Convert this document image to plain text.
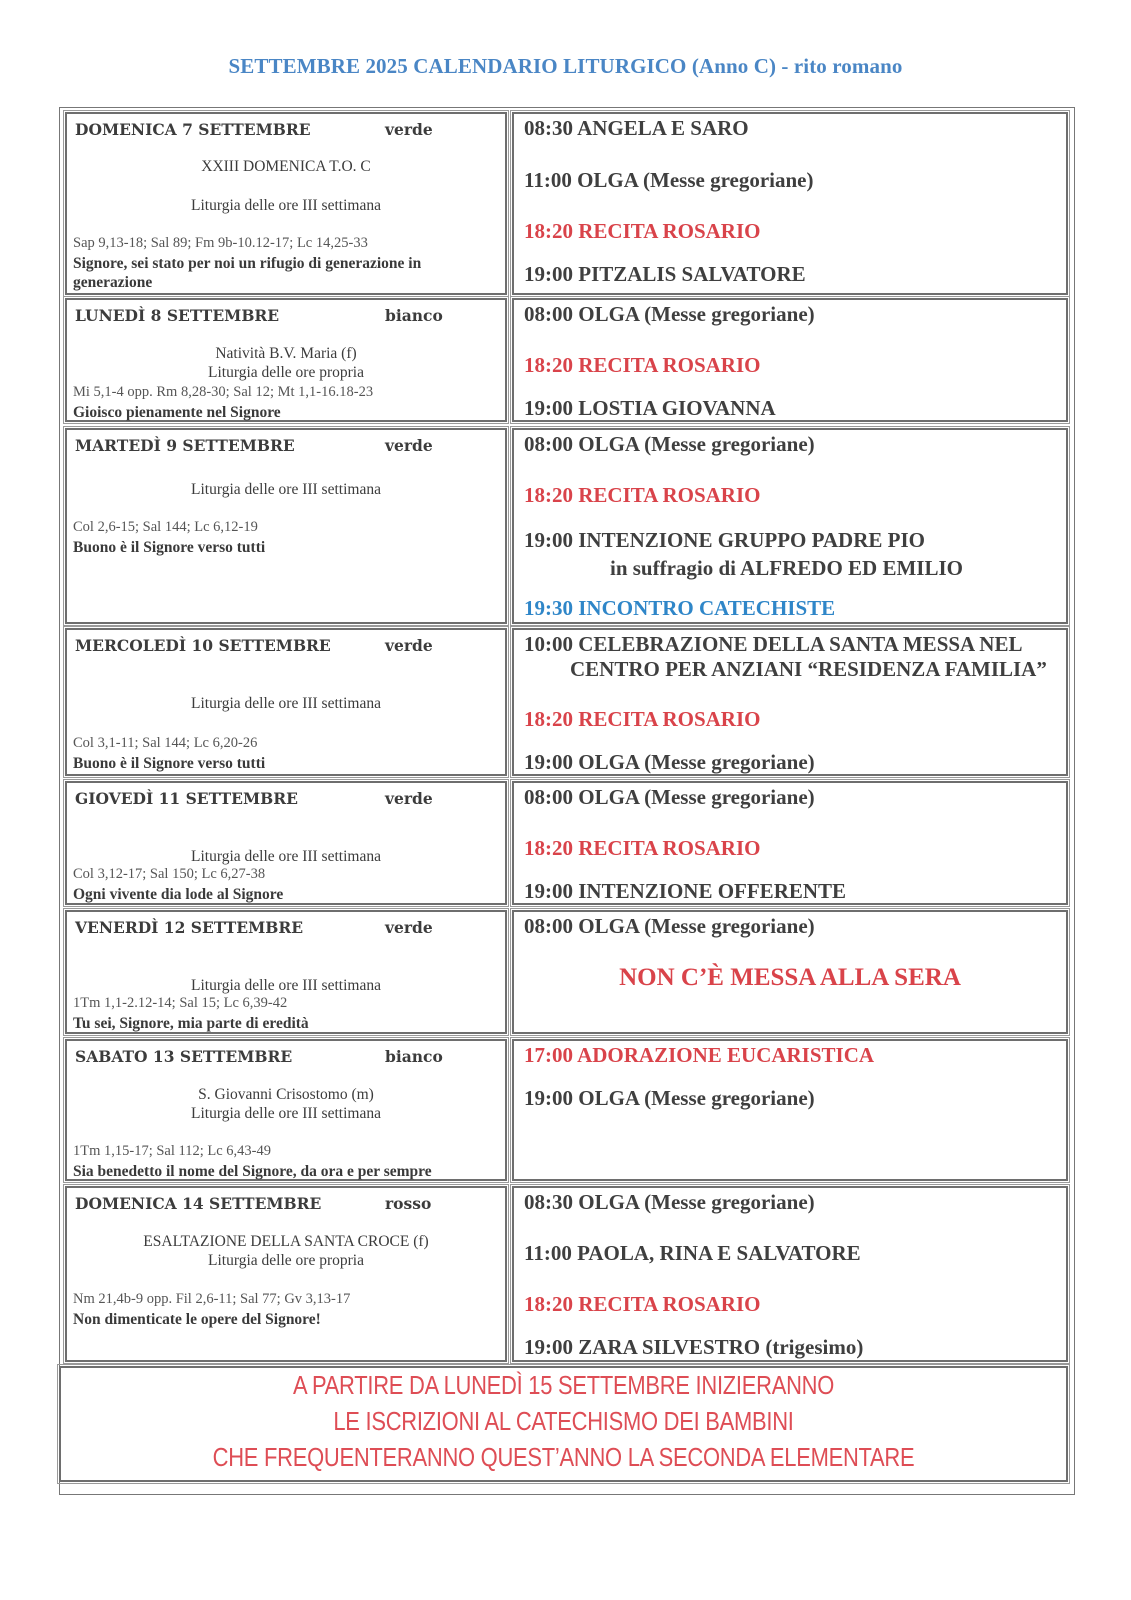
SETTEMBRE 2025 CALENDARIO LITURGICO (Anno C) - rito romano
DOMENICA 7 SETTEMBRE	verde
XXIII DOMENICA T.O. C
Liturgia delle ore III settimana
Sap 9,13-18; Sal 89; Fm 9b-10.12-17; Lc 14,25-33
Signore, sei stato per noi un rifugio di generazione in generazione
08:30 ANGELA E SARO
11:00 OLGA (Messe gregoriane)
18:20 RECITA ROSARIO
19:00 PITZALIS SALVATORE
LUNEDÌ 8 SETTEMBRE	bianco
Natività B.V. Maria (f)
Liturgia delle ore propria
Mi 5,1-4 opp. Rm 8,28-30; Sal 12; Mt 1,1-16.18-23
Gioisco pienamente nel Signore
08:00 OLGA (Messe gregoriane)
18:20 RECITA ROSARIO
19:00 LOSTIA GIOVANNA
MARTEDÌ 9 SETTEMBRE	verde
Liturgia delle ore III settimana
Col 2,6-15; Sal 144; Lc 6,12-19
Buono è il Signore verso tutti
08:00 OLGA (Messe gregoriane)
18:20 RECITA ROSARIO
19:00 INTENZIONE GRUPPO PADRE PIO
in suffragio di ALFREDO ED EMILIO
19:30 INCONTRO CATECHISTE
MERCOLEDÌ 10 SETTEMBRE	verde
Liturgia delle ore III settimana
Col 3,1-11; Sal 144; Lc 6,20-26
Buono è il Signore verso tutti
10:00 CELEBRAZIONE DELLA SANTA MESSA NEL
CENTRO PER ANZIANI “RESIDENZA FAMILIA”
18:20 RECITA ROSARIO
19:00 OLGA (Messe gregoriane)
GIOVEDÌ 11 SETTEMBRE	verde
Liturgia delle ore III settimana
Col 3,12-17; Sal 150; Lc 6,27-38
Ogni vivente dia lode al Signore
08:00 OLGA (Messe gregoriane)
18:20 RECITA ROSARIO
19:00 INTENZIONE OFFERENTE
VENERDÌ 12 SETTEMBRE	verde
Liturgia delle ore III settimana
1Tm 1,1-2.12-14; Sal 15; Lc 6,39-42
Tu sei, Signore, mia parte di eredità
08:00 OLGA (Messe gregoriane)
NON C’È MESSA ALLA SERA
SABATO 13 SETTEMBRE	bianco
S. Giovanni Crisostomo (m)
Liturgia delle ore III settimana
1Tm 1,15-17; Sal 112; Lc 6,43-49
Sia benedetto il nome del Signore, da ora e per sempre
17:00 ADORAZIONE EUCARISTICA
19:00 OLGA (Messe gregoriane)
DOMENICA 14 SETTEMBRE	rosso
ESALTAZIONE DELLA SANTA CROCE (f)
Liturgia delle ore propria
Nm 21,4b-9 opp. Fil 2,6-11; Sal 77; Gv 3,13-17
Non dimenticate le opere del Signore!
08:30 OLGA (Messe gregoriane)
11:00 PAOLA, RINA E SALVATORE
18:20 RECITA ROSARIO
19:00 ZARA SILVESTRO (trigesimo)
A PARTIRE DA LUNEDÌ 15 SETTEMBRE INIZIERANNO
LE ISCRIZIONI AL CATECHISMO DEI BAMBINI
CHE FREQUENTERANNO QUEST’ANNO LA SECONDA ELEMENTARE
